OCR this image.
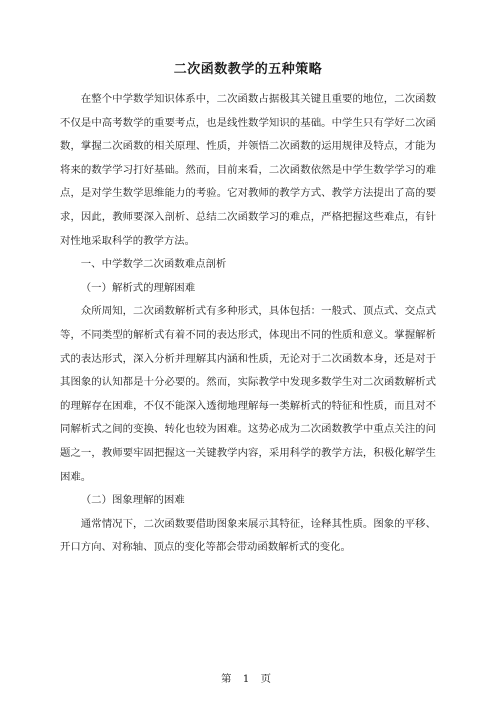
二次函数教学的五种策略

在整个中学数学知识体系中，二次函数占据极其关键且重要的地位，二次函数不仅是中高考数学的重要考点，也是线性数学知识的基础。中学生只有学好二次函数，掌握二次函数的相关原理、性质，并领悟二次函数的运用规律及特点，才能为将来的数学学习打好基础。然而，目前来看，二次函数依然是中学生数学学习的难点，是对学生数学思维能力的考验。它对教师的教学方式、教学方法提出了高的要求，因此，教师要深入剖析、总结二次函数学习的难点，严格把握这些难点，有针对性地采取科学的教学方法。

一、中学数学二次函数难点剖析

（一）解析式的理解困难

众所周知，二次函数解析式有多种形式，具体包括：一般式、顶点式、交点式等，不同类型的解析式有着不同的表达形式，体现出不同的性质和意义。掌握解析式的表达形式，深入分析并理解其内涵和性质，无论对于二次函数本身，还是对于其图象的认知都是十分必要的。然而，实际教学中发现多数学生对二次函数解析式的理解存在困难，不仅不能深入透彻地理解每一类解析式的特征和性质，而且对不同解析式之间的变换、转化也较为困难。这势必成为二次函数教学中重点关注的问题之一，教师要牢固把握这一关键教学内容，采用科学的教学方法，积极化解学生困难。

（二）图象理解的困难

通常情况下，二次函数要借助图象来展示其特征，诠释其性质。图象的平移、开口方向、对称轴、顶点的变化等都会带动函数解析式的变化。

第 1 页
